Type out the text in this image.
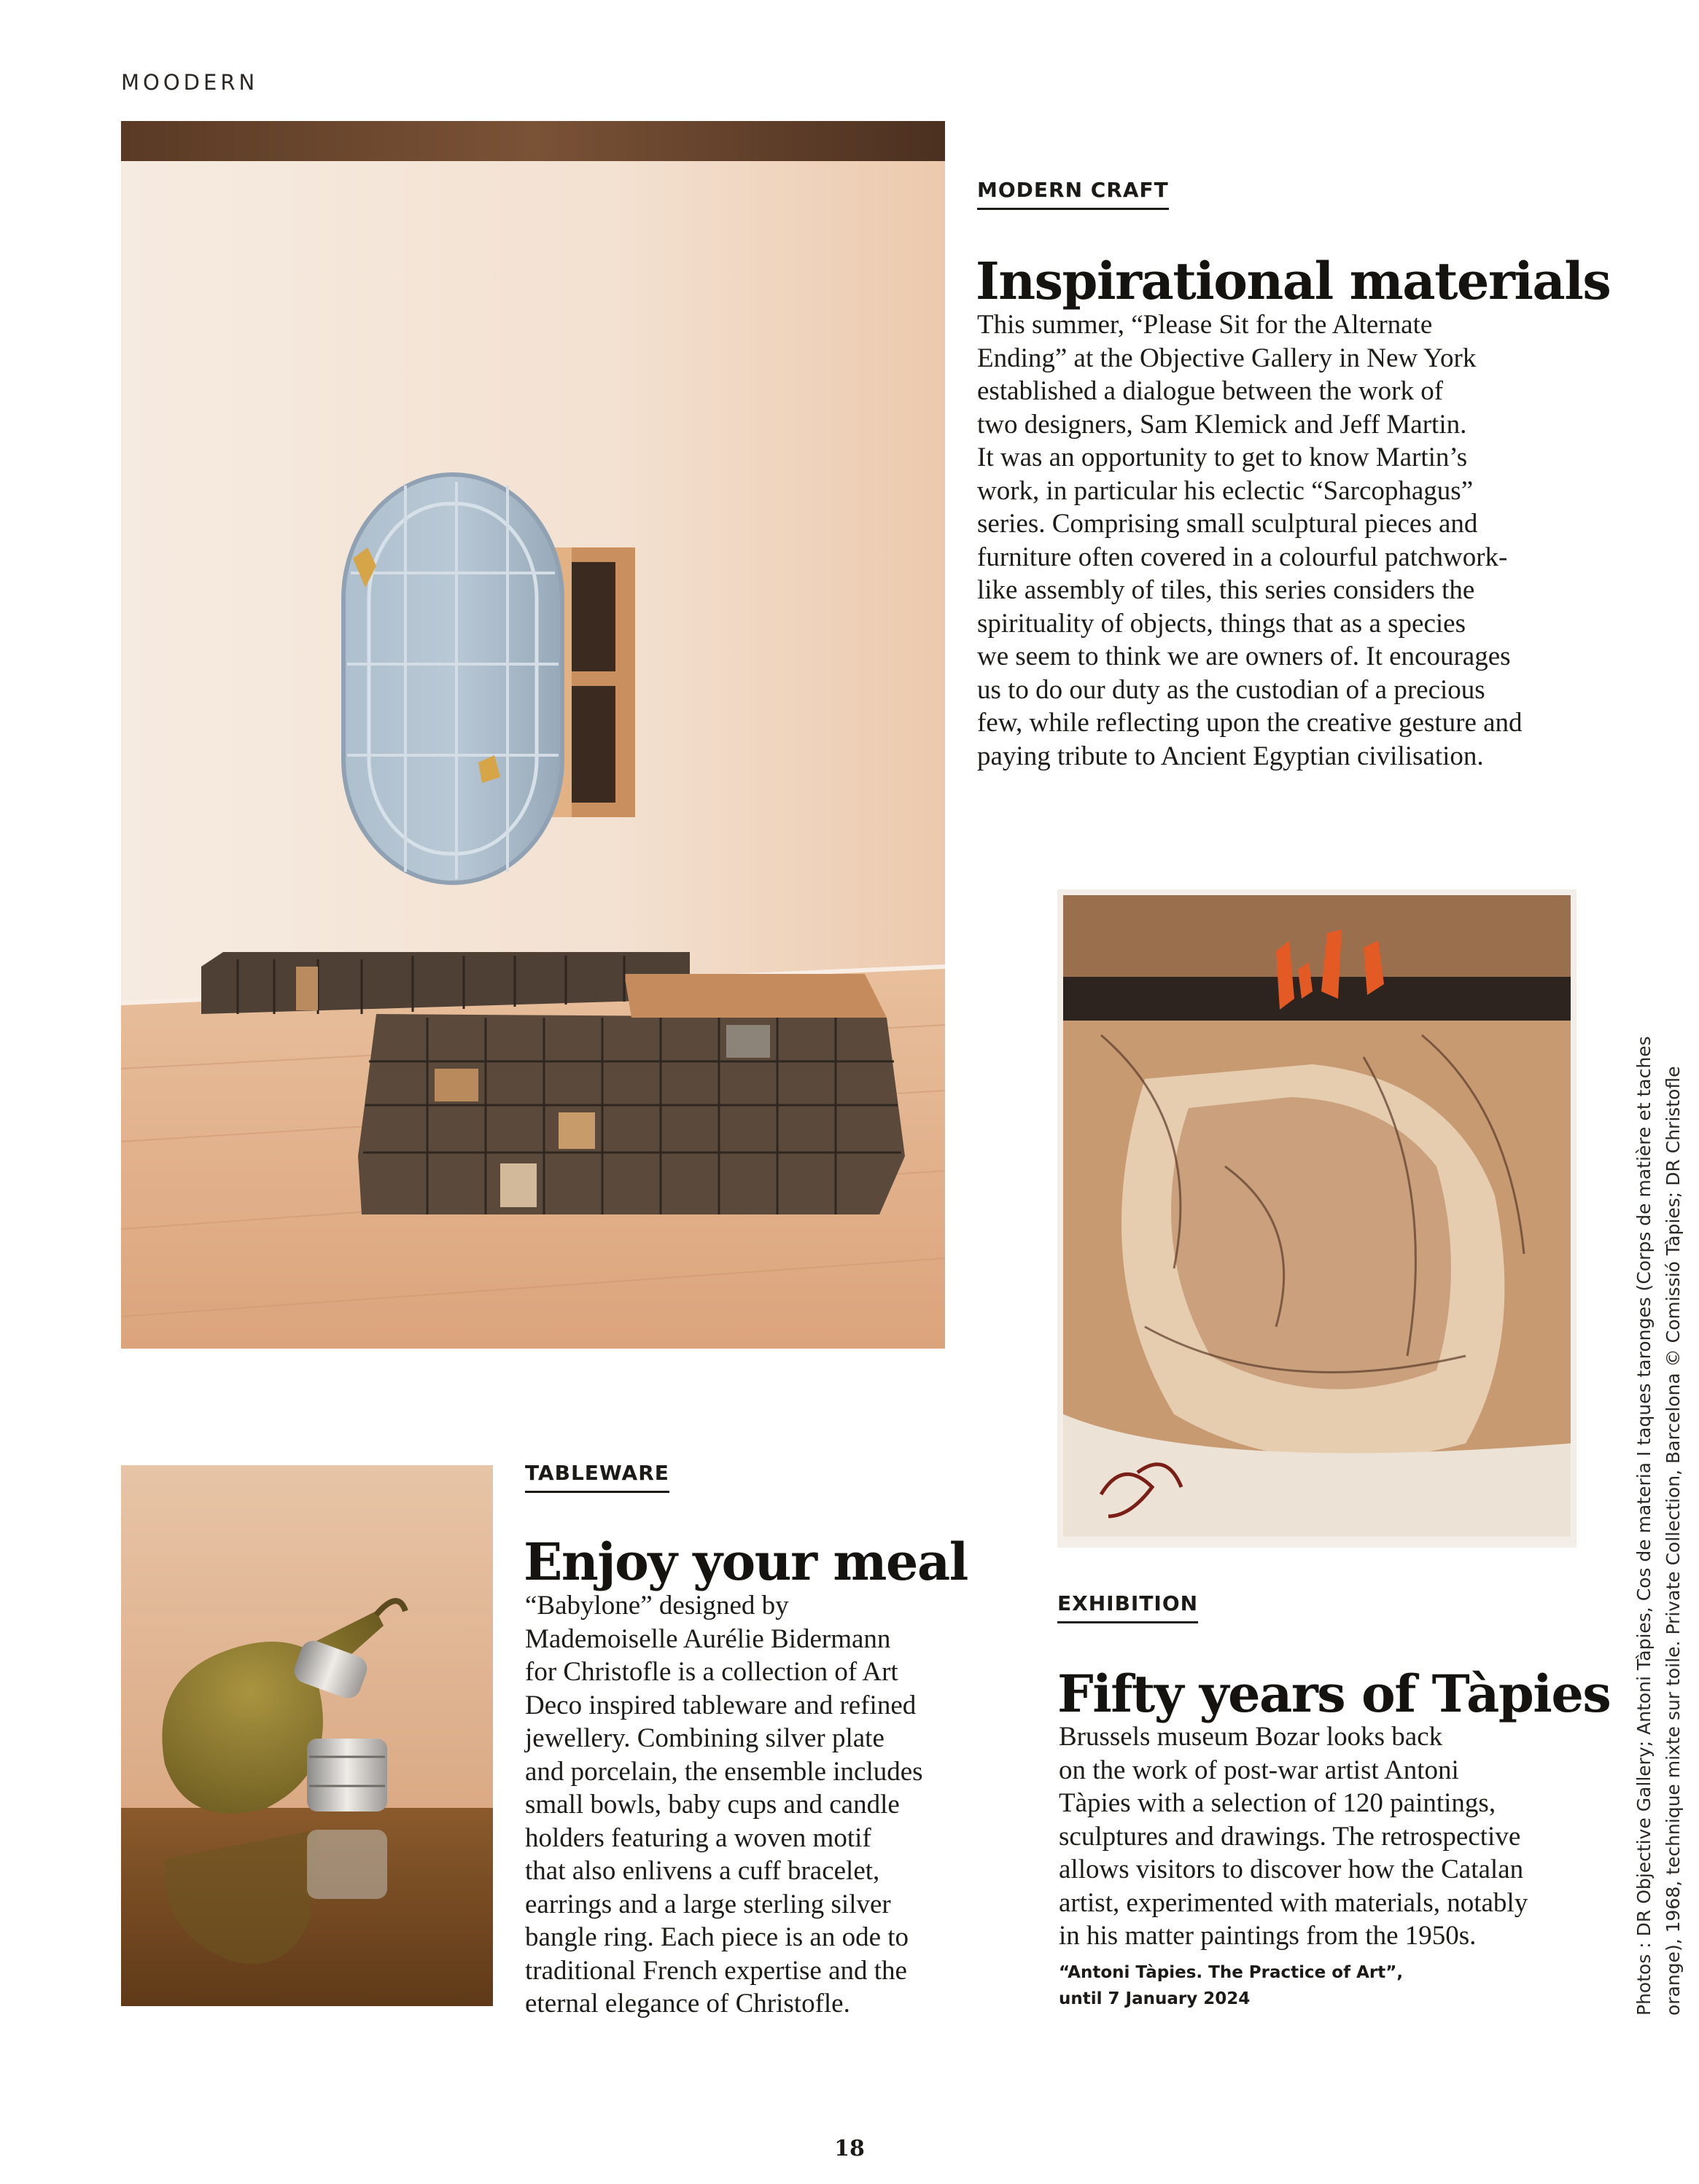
MOODERN
MODERN CRAFT
Inspirational materials
This summer, “Please Sit for the Alternate
Ending” at the Objective Gallery in New York
established a dialogue between the work of
two designers, Sam Klemick and Jeff Martin.
It was an opportunity to get to know Martin’s
work, in particular his eclectic “Sarcophagus”
series. Comprising small sculptural pieces and
furniture often covered in a colourful patchwork-
like assembly of tiles, this series considers the
spirituality of objects, things that as a species
we seem to think we are owners of. It encourages
us to do our duty as the custodian of a precious
few, while reflecting upon the creative gesture and
paying tribute to Ancient Egyptian civilisation.
EXHIBITION
Fifty years of Tàpies
Brussels museum Bozar looks back
on the work of post-war artist Antoni
Tàpies with a selection of 120 paintings,
sculptures and drawings. The retrospective
allows visitors to discover how the Catalan
artist, experimented with materials, notably
in his matter paintings from the 1950s.
“Antoni Tàpies. The Practice of Art”,
until 7 January 2024
TABLEWARE
Enjoy your meal
“Babylone” designed by
Mademoiselle Aurélie Bidermann
for Christofle is a collection of Art
Deco inspired tableware and refined
jewellery. Combining silver plate
and porcelain, the ensemble includes
small bowls, baby cups and candle
holders featuring a woven motif
that also enlivens a cuff bracelet,
earrings and a large sterling silver
bangle ring. Each piece is an ode to
traditional French expertise and the
eternal elegance of Christofle.	Photos : DR Objective Gallery; Antoni Tàpies, Cos de materia I taques taronges (Corps de matière et taches
orange), 1968, technique mixte sur toile. Private Collection, Barcelona © Comissió Tàpies; DR Christofle
18
